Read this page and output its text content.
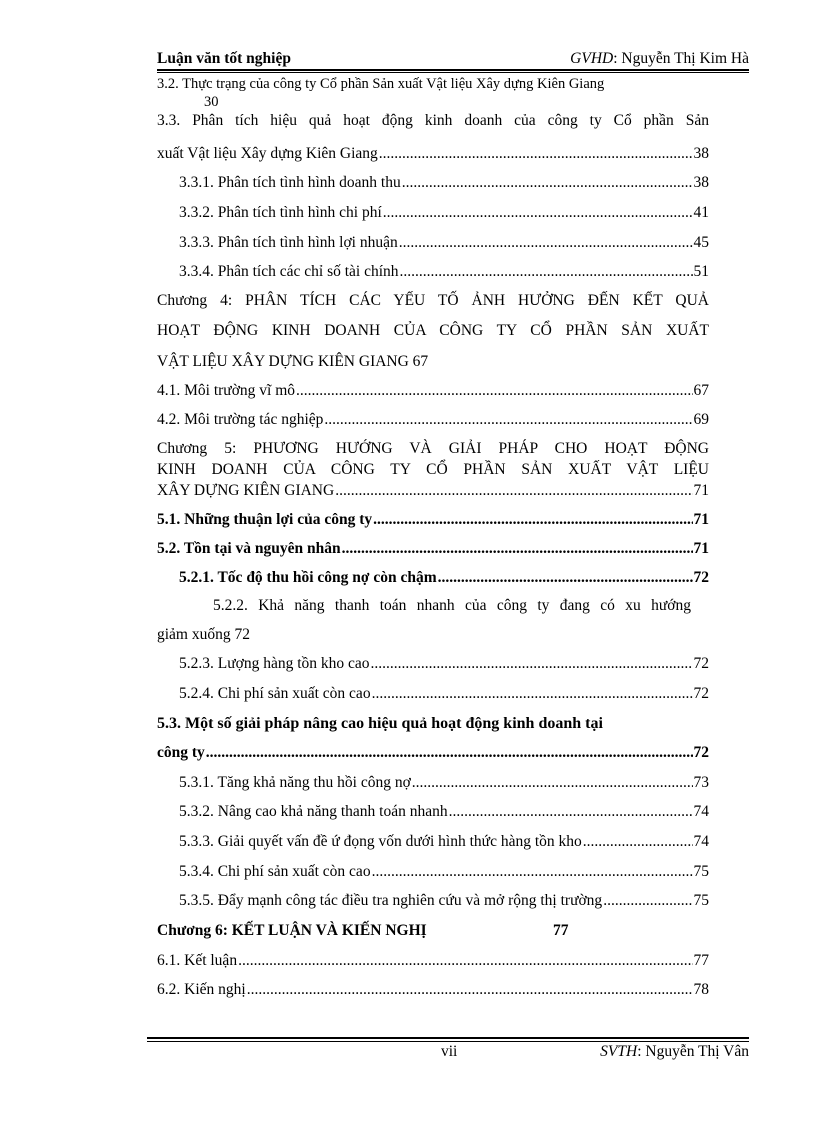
Luận văn tốt nghiệp	GVHD: Nguyễn Thị Kim Hà
3.2. Thực trạng của công ty Cổ phần Sản xuất Vật liệu Xây dựng Kiên Giang
30
3.3. Phân tích hiệu quả hoạt động kinh doanh của công ty Cổ phần Sản
xuất Vật liệu Xây dựng Kiên Giang .....	38
3.3.1. Phân tích tình hình doanh thu .....	38
3.3.2. Phân tích tình hình chi phí .....	41
3.3.3. Phân tích tình hình lợi nhuận .....	45
3.3.4. Phân tích các chỉ số tài chính .....	51
Chương 4: PHÂN TÍCH CÁC YẾU TỐ ẢNH HƯỞNG ĐẾN KẾT QUẢ
HOẠT ĐỘNG KINH DOANH CỦA CÔNG TY CỔ PHẦN SẢN XUẤT
VẬT LIỆU XÂY DỰNG KIÊN GIANG 67
4.1. Môi trường vĩ mô .....	67
4.2. Môi trường tác nghiệp .....	69
Chương 5: PHƯƠNG HƯỚNG VÀ GIẢI PHÁP CHO HOẠT ĐỘNG
KINH DOANH CỦA CÔNG TY CỔ PHẦN SẢN XUẤT VẬT LIỆU
XÂY DỰNG KIÊN GIANG .....	71
5.1. Những thuận lợi của công ty .....	71
5.2. Tồn tại và nguyên nhân .....	71
5.2.1. Tốc độ thu hồi công nợ còn chậm .....	72
5.2.2. Khả năng thanh toán nhanh của công ty đang có xu hướng
giảm xuống 72
5.2.3. Lượng hàng tồn kho cao .....	72
5.2.4. Chi phí sản xuất còn cao .....	72
5.3. Một số giải pháp nâng cao hiệu quả hoạt động kinh doanh tại
công ty .....	72
5.3.1. Tăng khả năng thu hồi công nợ .....	73
5.3.2. Nâng cao khả năng thanh toán nhanh .....	74
5.3.3. Giải quyết vấn đề ứ đọng vốn dưới hình thức hàng tồn kho .....	74
5.3.4. Chi phí sản xuất còn cao .....	75
5.3.5. Đẩy mạnh công tác điều tra nghiên cứu và mở rộng thị trường .....	75
Chương 6: KẾT LUẬN VÀ KIẾN NGHỊ	77
6.1. Kết luận .....	77
6.2. Kiến nghị .....	78
vii	SVTH: Nguyễn Thị Vân
